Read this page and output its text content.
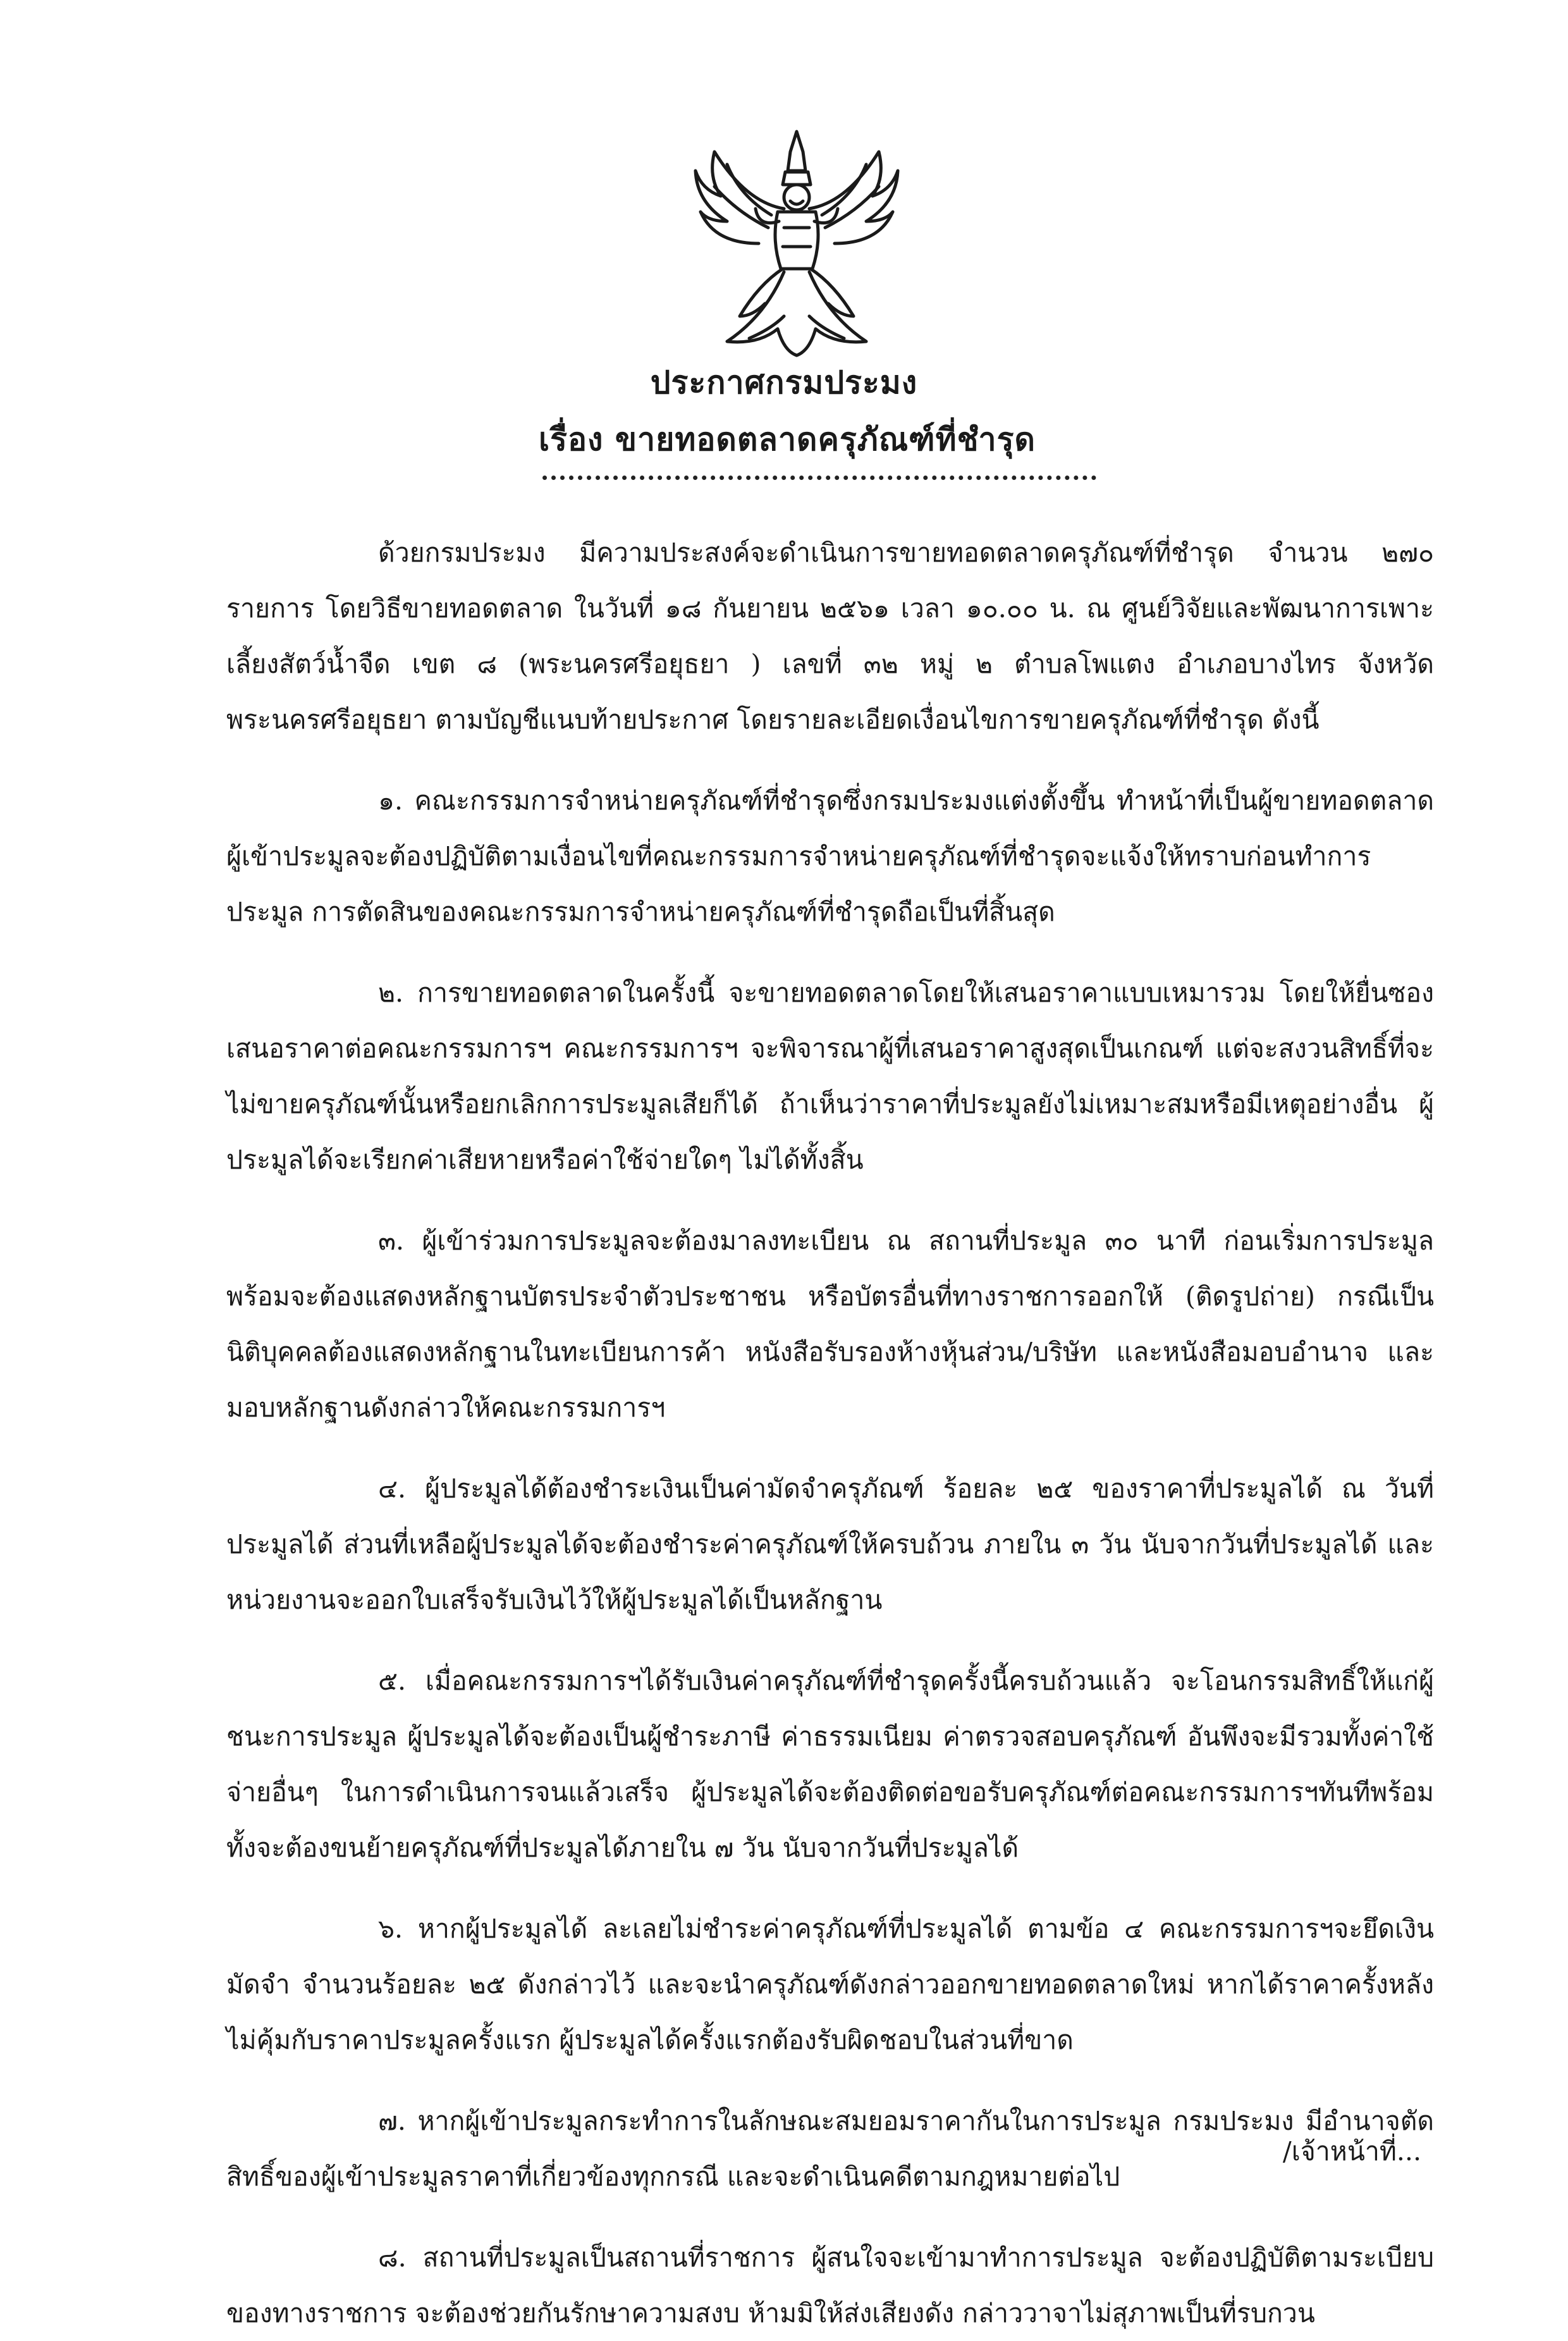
ประกาศกรมประมง
เรื่อง ขายทอดตลาดครุภัณฑ์ที่ชำรุด

ด้วยกรมประมง มีความประสงค์จะดำเนินการขายทอดตลาดครุภัณฑ์ที่ชำรุด จำนวน ๒๗๐ รายการ โดยวิธีขายทอดตลาด ในวันที่ ๑๘ กันยายน ๒๕๖๑ เวลา ๑๐.๐๐ น. ณ ศูนย์วิจัยและพัฒนาการเพาะเลี้ยงสัตว์น้ำจืด เขต ๘ (พระนครศรีอยุธยา ) เลขที่ ๓๒ หมู่ ๒ ตำบลโพแตง อำเภอบางไทร จังหวัดพระนครศรีอยุธยา ตามบัญชีแนบท้ายประกาศ โดยรายละเอียดเงื่อนไขการขายครุภัณฑ์ที่ชำรุด ดังนี้

๑. คณะกรรมการจำหน่ายครุภัณฑ์ที่ชำรุดซึ่งกรมประมงแต่งตั้งขึ้น ทำหน้าที่เป็นผู้ขายทอดตลาด ผู้เข้าประมูลจะต้องปฏิบัติตามเงื่อนไขที่คณะกรรมการจำหน่ายครุภัณฑ์ที่ชำรุดจะแจ้งให้ทราบก่อนทำการประมูล การตัดสินของคณะกรรมการจำหน่ายครุภัณฑ์ที่ชำรุดถือเป็นที่สิ้นสุด

๒. การขายทอดตลาดในครั้งนี้ จะขายทอดตลาดโดยให้เสนอราคาแบบเหมารวม โดยให้ยื่นซองเสนอราคาต่อคณะกรรมการฯ คณะกรรมการฯ จะพิจารณาผู้ที่เสนอราคาสูงสุดเป็นเกณฑ์ แต่จะสงวนสิทธิ์ที่จะไม่ขายครุภัณฑ์นั้นหรือยกเลิกการประมูลเสียก็ได้ ถ้าเห็นว่าราคาที่ประมูลยังไม่เหมาะสมหรือมีเหตุอย่างอื่น ผู้ประมูลได้จะเรียกค่าเสียหายหรือค่าใช้จ่ายใดๆ ไม่ได้ทั้งสิ้น

๓. ผู้เข้าร่วมการประมูลจะต้องมาลงทะเบียน ณ สถานที่ประมูล ๓๐ นาที ก่อนเริ่มการประมูล พร้อมจะต้องแสดงหลักฐานบัตรประจำตัวประชาชน หรือบัตรอื่นที่ทางราชการออกให้ (ติดรูปถ่าย) กรณีเป็นนิติบุคคลต้องแสดงหลักฐานในทะเบียนการค้า หนังสือรับรองห้างหุ้นส่วน/บริษัท และหนังสือมอบอำนาจ และมอบหลักฐานดังกล่าวให้คณะกรรมการฯ

๔. ผู้ประมูลได้ต้องชำระเงินเป็นค่ามัดจำครุภัณฑ์ ร้อยละ ๒๕ ของราคาที่ประมูลได้ ณ วันที่ประมูลได้ ส่วนที่เหลือผู้ประมูลได้จะต้องชำระค่าครุภัณฑ์ให้ครบถ้วน ภายใน ๓ วัน นับจากวันที่ประมูลได้ และหน่วยงานจะออกใบเสร็จรับเงินไว้ให้ผู้ประมูลได้เป็นหลักฐาน

๕. เมื่อคณะกรรมการฯได้รับเงินค่าครุภัณฑ์ที่ชำรุดครั้งนี้ครบถ้วนแล้ว จะโอนกรรมสิทธิ์ให้แก่ผู้ชนะการประมูล ผู้ประมูลได้จะต้องเป็นผู้ชำระภาษี ค่าธรรมเนียม ค่าตรวจสอบครุภัณฑ์ อันพึงจะมีรวมทั้งค่าใช้จ่ายอื่นๆ ในการดำเนินการจนแล้วเสร็จ ผู้ประมูลได้จะต้องติดต่อขอรับครุภัณฑ์ต่อคณะกรรมการฯทันทีพร้อมทั้งจะต้องขนย้ายครุภัณฑ์ที่ประมูลได้ภายใน ๗ วัน นับจากวันที่ประมูลได้

๖. หากผู้ประมูลได้ ละเลยไม่ชำระค่าครุภัณฑ์ที่ประมูลได้ ตามข้อ ๔ คณะกรรมการฯจะยึดเงินมัดจำ จำนวนร้อยละ ๒๕ ดังกล่าวไว้ และจะนำครุภัณฑ์ดังกล่าวออกขายทอดตลาดใหม่ หากได้ราคาครั้งหลังไม่คุ้มกับราคาประมูลครั้งแรก ผู้ประมูลได้ครั้งแรกต้องรับผิดชอบในส่วนที่ขาด

๗. หากผู้เข้าประมูลกระทำการในลักษณะสมยอมราคากันในการประมูล กรมประมง มีอำนาจตัดสิทธิ์ของผู้เข้าประมูลราคาที่เกี่ยวข้องทุกกรณี และจะดำเนินคดีตามกฎหมายต่อไป

๘. สถานที่ประมูลเป็นสถานที่ราชการ ผู้สนใจจะเข้ามาทำการประมูล จะต้องปฏิบัติตามระเบียบของทางราชการ จะต้องช่วยกันรักษาความสงบ ห้ามมิให้ส่งเสียงดัง กล่าววาจาไม่สุภาพเป็นที่รบกวน

/เจ้าหน้าที่...
